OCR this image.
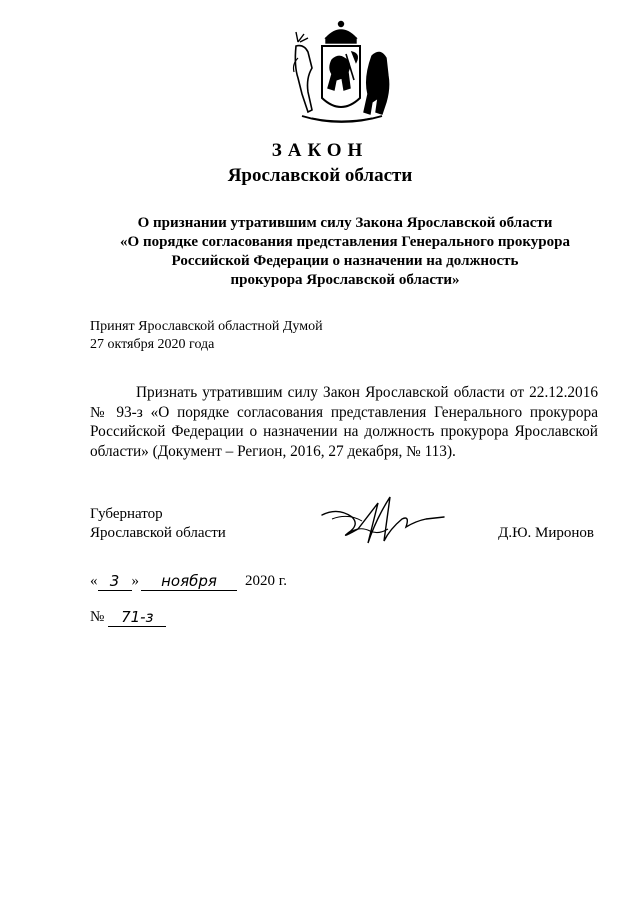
ЗАКОН
Ярославской области
О признании утратившим силу Закона Ярославской области
«О порядке согласования представления Генерального прокурора
Российской Федерации о назначении на должность
прокурора Ярославской области»
Принят Ярославской областной Думой
27 октября 2020 года
Признать утратившим силу Закон Ярославской области от 22.12.2016 № 93-з «О порядке согласования представления Генерального прокурора Российской Федерации о назначении на должность прокурора Ярославской области» (Документ – Регион, 2016, 27 декабря, № 113).
Губернатор
Ярославской области	Д.Ю. Миронов
« 3 »	ноября	2020 г.
№	71-з
